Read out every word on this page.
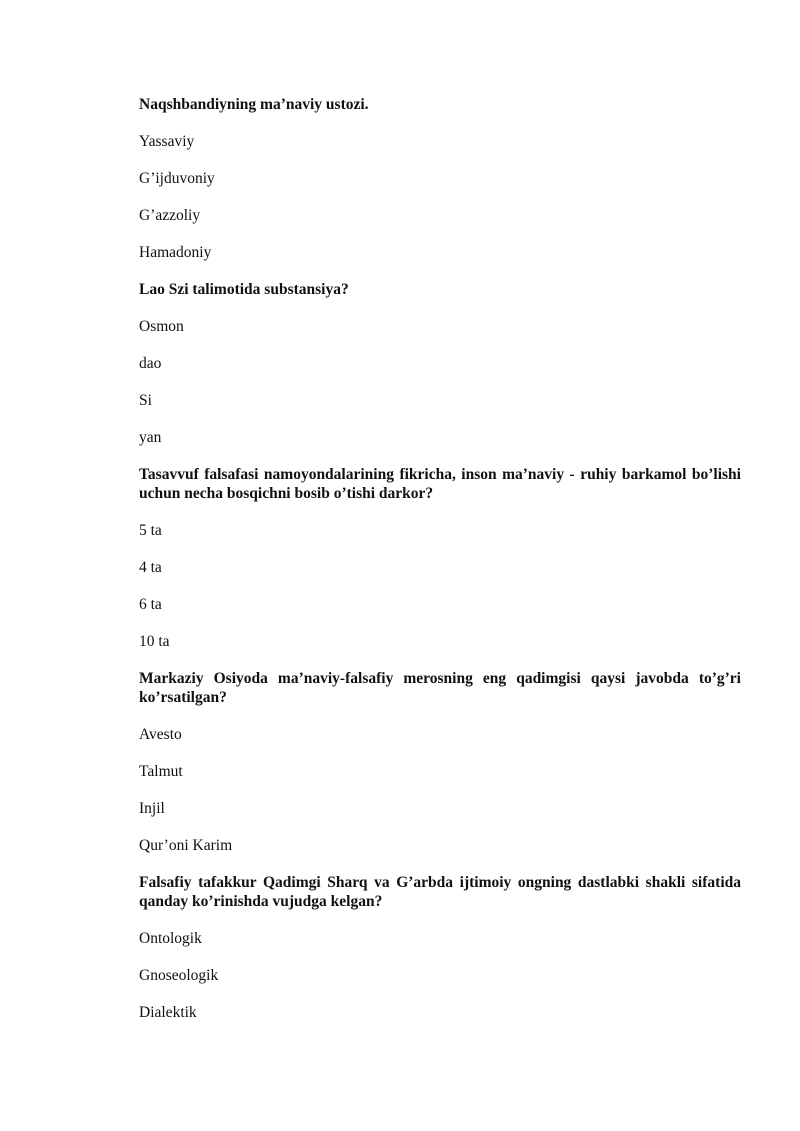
Naqshbandiyning ma’naviy ustozi.

Yassaviy

G’ijduvoniy

G’azzoliy

Hamadoniy

Lao Szi talimotida substansiya?

Osmon

dao

Si

yan

Tasavvuf falsafasi namoyondalarining fikricha, inson ma’naviy - ruhiy barkamol bo’lishi uchun necha bosqichni bosib o’tishi darkor?

5 ta

4 ta

6 ta

10 ta

Markaziy Osiyoda ma’naviy-falsafiy merosning eng qadimgisi qaysi javobda to’g’ri ko’rsatilgan?

Avesto

Talmut

Injil

Qur’oni Karim

Falsafiy tafakkur Qadimgi Sharq va G’arbda ijtimoiy ongning dastlabki shakli sifatida qanday ko’rinishda vujudga kelgan?

Ontologik

Gnoseologik

Dialektik
